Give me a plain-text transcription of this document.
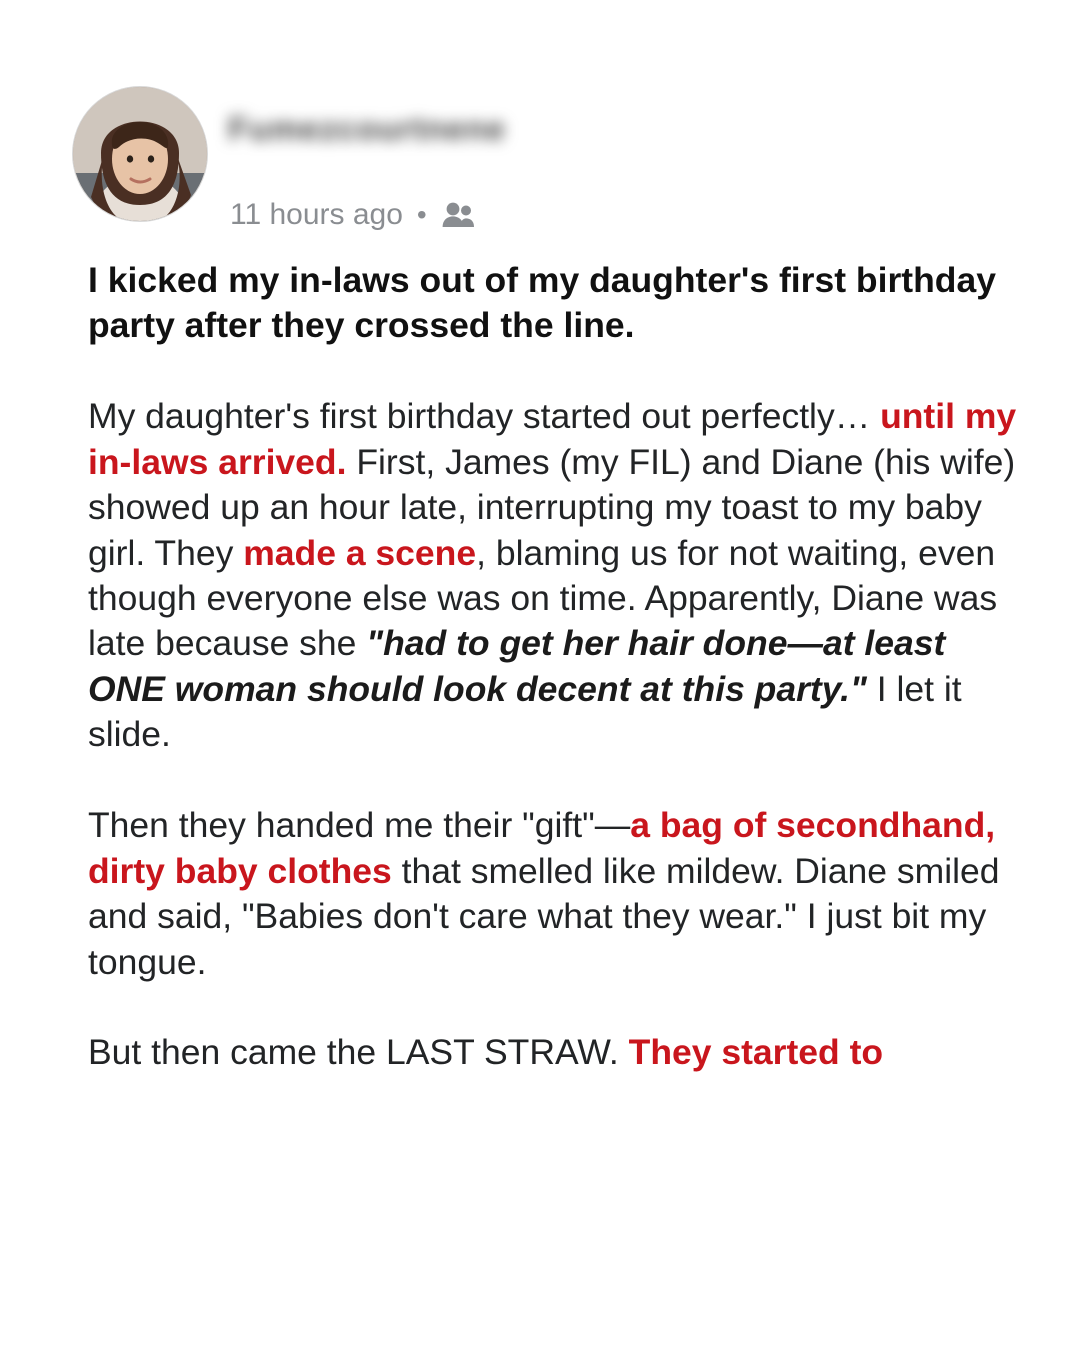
Fumezcourtnene
11 hours ago •
I kicked my in-laws out of my daughter's first birthday party after they crossed the line.

My daughter's first birthday started out perfectly… until my in-laws arrived. First, James (my FIL) and Diane (his wife) showed up an hour late, interrupting my toast to my baby girl. They made a scene, blaming us for not waiting, even though everyone else was on time. Apparently, Diane was late because she "had to get her hair done—at least ONE woman should look decent at this party." I let it slide.

Then they handed me their "gift"—a bag of secondhand, dirty baby clothes that smelled like mildew. Diane smiled and said, "Babies don't care what they wear." I just bit my tongue.

But then came the LAST STRAW. They started to
